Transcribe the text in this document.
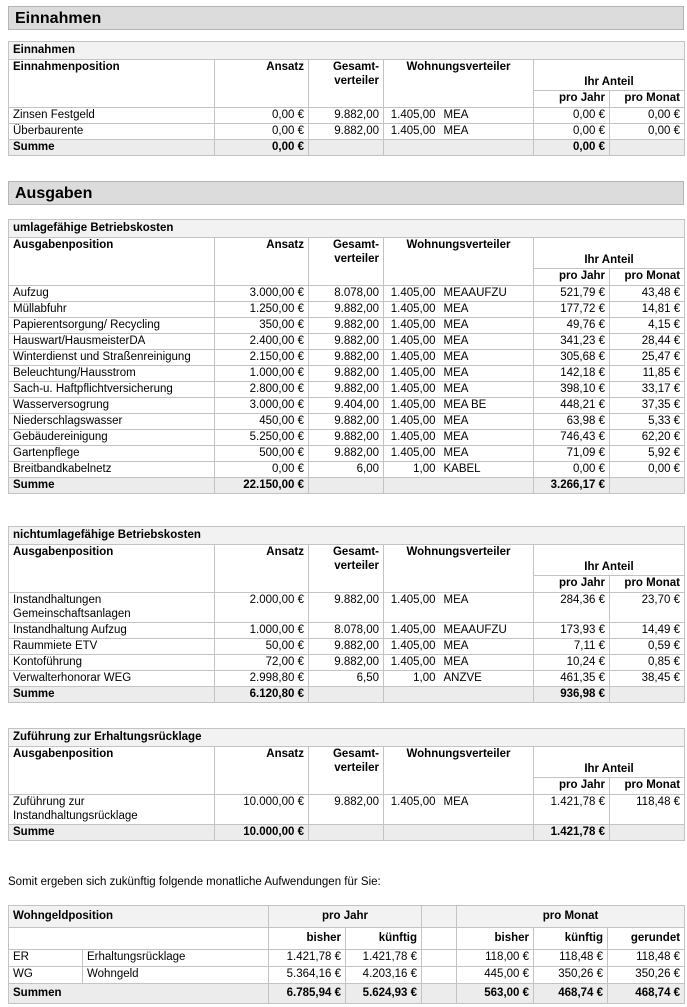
Einnahmen
Einnahmen						
Einnahmenposition	Ansatz	Gesamt-verteiler	Wohnungsverteiler		Ihr Anteil	
					pro Jahr	pro Monat
Zinsen Festgeld	0,00 €	9.882,00	1.405,00	MEA	0,00 €	0,00 €
Überbaurente	0,00 €	9.882,00	1.405,00	MEA	0,00 €	0,00 €
Summe	0,00 €				0,00 €	
Ausgaben
umlagefähige Betriebskosten						
Ausgabenposition	Ansatz	Gesamt-verteiler	Wohnungsverteiler		Ihr Anteil	
					pro Jahr	pro Monat
Aufzug	3.000,00 €	8.078,00	1.405,00	MEAAUFZU	521,79 €	43,48 €
Müllabfuhr	1.250,00 €	9.882,00	1.405,00	MEA	177,72 €	14,81 €
Papierentsorgung/ Recycling	350,00 €	9.882,00	1.405,00	MEA	49,76 €	4,15 €
Hauswart/HausmeisterDA	2.400,00 €	9.882,00	1.405,00	MEA	341,23 €	28,44 €
Winterdienst und Straßenreinigung	2.150,00 €	9.882,00	1.405,00	MEA	305,68 €	25,47 €
Beleuchtung/Hausstrom	1.000,00 €	9.882,00	1.405,00	MEA	142,18 €	11,85 €
Sach-u. Haftpflichtversicherung	2.800,00 €	9.882,00	1.405,00	MEA	398,10 €	33,17 €
Wasserversogrung	3.000,00 €	9.404,00	1.405,00	MEA BE	448,21 €	37,35 €
Niederschlagswasser	450,00 €	9.882,00	1.405,00	MEA	63,98 €	5,33 €
Gebäudereinigung	5.250,00 €	9.882,00	1.405,00	MEA	746,43 €	62,20 €
Gartenpflege	500,00 €	9.882,00	1.405,00	MEA	71,09 €	5,92 €
Breitbandkabelnetz	0,00 €	6,00	1,00	KABEL	0,00 €	0,00 €
Summe	22.150,00 €				3.266,17 €	
nichtumlagefähige Betriebskosten						
Ausgabenposition	Ansatz	Gesamt-verteiler	Wohnungsverteiler		Ihr Anteil	
					pro Jahr	pro Monat
Instandhaltungen Gemeinschaftsanlagen	2.000,00 €	9.882,00	1.405,00	MEA	284,36 €	23,70 €
Instandhaltung Aufzug	1.000,00 €	8.078,00	1.405,00	MEAAUFZU	173,93 €	14,49 €
Raummiete ETV	50,00 €	9.882,00	1.405,00	MEA	7,11 €	0,59 €
Kontoführung	72,00 €	9.882,00	1.405,00	MEA	10,24 €	0,85 €
Verwalterhonorar WEG	2.998,80 €	6,50	1,00	ANZVE	461,35 €	38,45 €
Summe	6.120,80 €				936,98 €	
Zuführung zur Erhaltungsrücklage						
Ausgabenposition	Ansatz	Gesamt-verteiler	Wohnungsverteiler		Ihr Anteil	
					pro Jahr	pro Monat
Zuführung zur Instandhaltungsrücklage	10.000,00 €	9.882,00	1.405,00	MEA	1.421,78 €	118,48 €
Summe	10.000,00 €				1.421,78 €	
Somit ergeben sich zukünftig folgende monatliche Aufwendungen für Sie:
Wohngeldposition		pro Jahr			pro Monat		
		bisher	künftig		bisher	künftig	gerundet
ER	Erhaltungsrücklage	1.421,78 €	1.421,78 €		118,00 €	118,48 €	118,48 €
WG	Wohngeld	5.364,16 €	4.203,16 €		445,00 €	350,26 €	350,26 €
Summen		6.785,94 €	5.624,93 €		563,00 €	468,74 €	468,74 €
